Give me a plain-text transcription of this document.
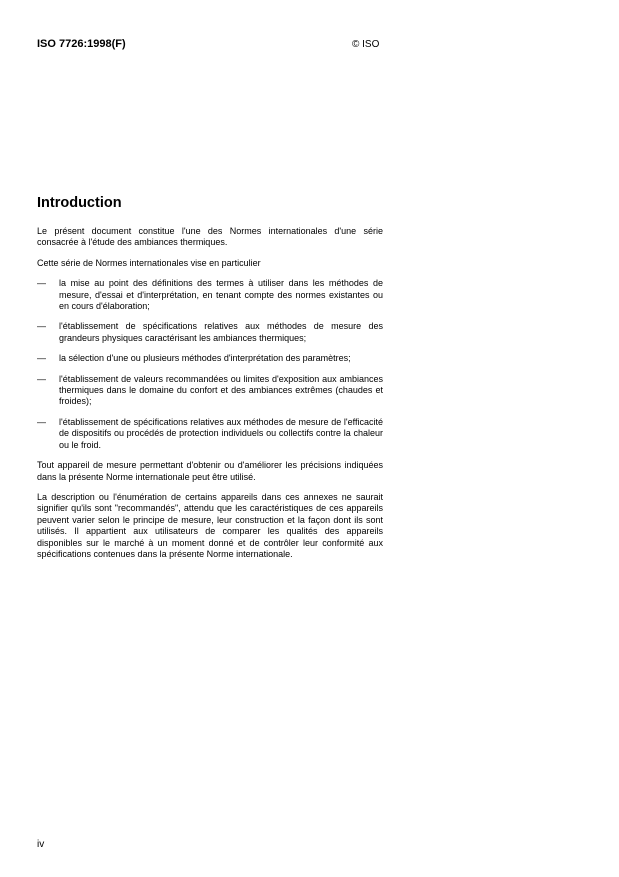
ISO 7726:1998(F)	© ISO
Introduction

Le présent document constitue l'une des Normes internationales d'une série consacrée à l'étude des ambiances thermiques.

Cette série de Normes internationales vise en particulier

—	la mise au point des définitions des termes à utiliser dans les méthodes de mesure, d'essai et d'interprétation, en tenant compte des normes existantes ou en cours d'élaboration;
—	l'établissement de spécifications relatives aux méthodes de mesure des grandeurs physiques caractérisant les ambiances thermiques;
—	la sélection d'une ou plusieurs méthodes d'interprétation des paramètres;
—	l'établissement de valeurs recommandées ou limites d'exposition aux ambiances thermiques dans le domaine du confort et des ambiances extrêmes (chaudes et froides);
—	l'établissement de spécifications relatives aux méthodes de mesure de l'efficacité de dispositifs ou procédés de protection individuels ou collectifs contre la chaleur ou le froid.

Tout appareil de mesure permettant d'obtenir ou d'améliorer les précisions indiquées dans la présente Norme internationale peut être utilisé.

La description ou l'énumération de certains appareils dans ces annexes ne saurait signifier qu'ils sont "recommandés", attendu que les caractéristiques de ces appareils peuvent varier selon le principe de mesure, leur construction et la façon dont ils sont utilisés. Il appartient aux utilisateurs de comparer les qualités des appareils disponibles sur le marché à un moment donné et de contrôler leur conformité aux spécifications contenues dans la présente Norme internationale.

iv
